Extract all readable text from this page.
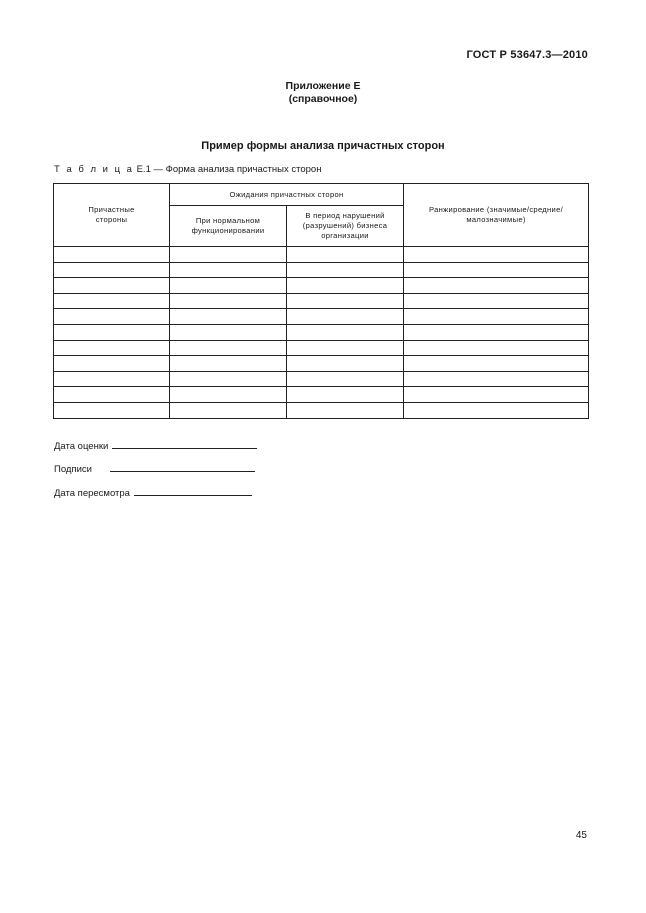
ГОСТ Р 53647.3—2010
Приложение Е
(справочное)
Пример формы анализа причастных сторон
Т а б л и ц а Е.1 — Форма анализа причастных сторон
Причастные стороны	Ожидания причастных сторон		Ранжирование (значимые/средние/малозначимые)
	При нормальном функционировании	В период нарушений (разрушений) бизнеса организации	

Дата оценки
Подписи
Дата пересмотра
45
